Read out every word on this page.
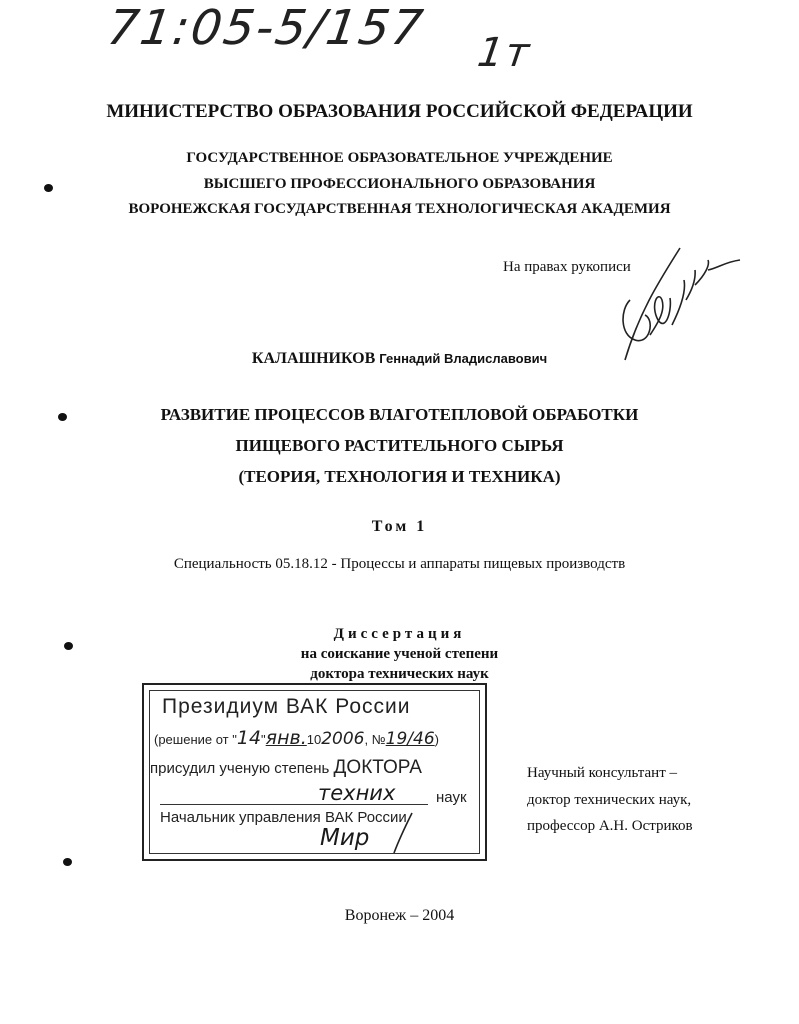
71:05-5/157 1т
МИНИСТЕРСТВО ОБРАЗОВАНИЯ РОССИЙСКОЙ ФЕДЕРАЦИИ
ГОСУДАРСТВЕННОЕ ОБРАЗОВАТЕЛЬНОЕ УЧРЕЖДЕНИЕ
ВЫСШЕГО ПРОФЕССИОНАЛЬНОГО ОБРАЗОВАНИЯ
ВОРОНЕЖСКАЯ ГОСУДАРСТВЕННАЯ ТЕХНОЛОГИЧЕСКАЯ АКАДЕМИЯ
На правах рукописи
КАЛАШНИКОВ Геннадий Владиславович
РАЗВИТИЕ ПРОЦЕССОВ ВЛАГОТЕПЛОВОЙ ОБРАБОТКИ
ПИЩЕВОГО РАСТИТЕЛЬНОГО СЫРЬЯ
(ТЕОРИЯ, ТЕХНОЛОГИЯ И ТЕХНИКА)
Том 1
Специальность 05.18.12 - Процессы и аппараты пищевых производств
Диссертация
на соискание ученой степени
доктора технических наук
Президиум ВАК России
(решение от "14"янв.102006, №19/46)
присудил ученую степень ДОКТОРА
техних	наук
Начальник управления ВАК России
Мир
Научный консультант –
доктор технических наук,
профессор А.Н. Остриков
Воронеж – 2004
